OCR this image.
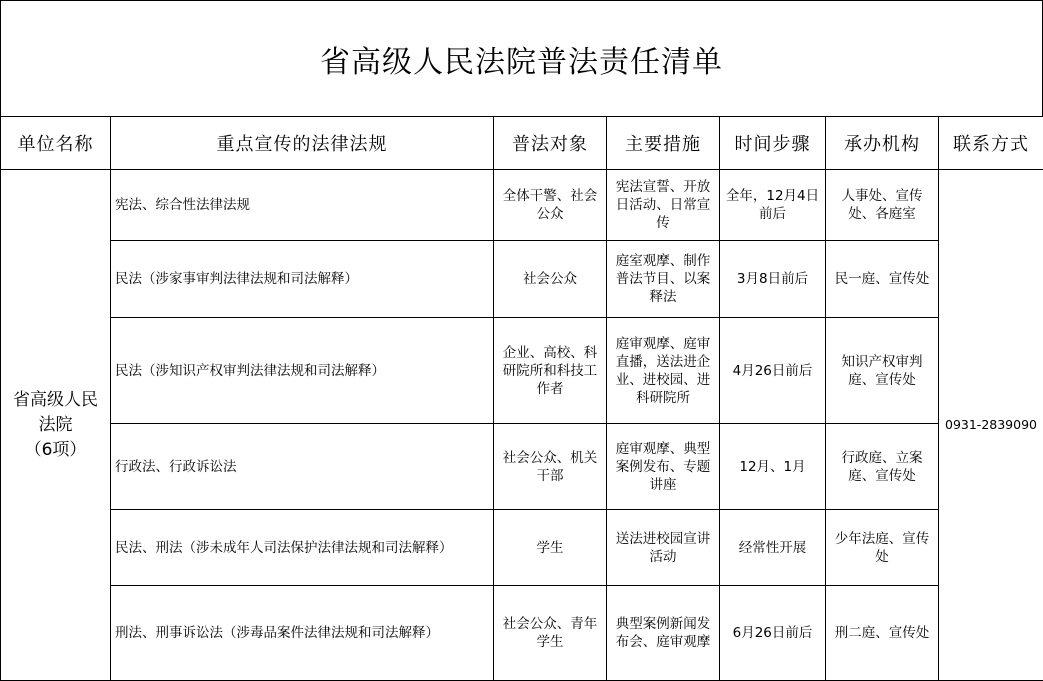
省高级人民法院普法责任清单
单位名称	重点宣传的法律法规	普法对象	主要措施	时间步骤	承办机构	联系方式

省高级人民
法院
（6项）	宪法、综合性法律法规	全体干警、社会公众	宪法宣誓、开放日活动、日常宣传	全年，12月4日前后	人事处、宣传处、各庭室	0931-2839090
	民法（涉家事审判法律法规和司法解释）	社会公众	庭室观摩、制作普法节目、以案释法	3月8日前后	民一庭、宣传处	
	民法（涉知识产权审判法律法规和司法解释）	企业、高校、科研院所和科技工作者	庭审观摩、庭审直播，送法进企业、进校园、进科研院所	4月26日前后	知识产权审判庭、宣传处	
	行政法、行政诉讼法	社会公众、机关干部	庭审观摩、典型案例发布、专题讲座	12月、1月	行政庭、立案庭、宣传处	
	民法、刑法（涉未成年人司法保护法律法规和司法解释）	学生	送法进校园宣讲活动	经常性开展	少年法庭、宣传处	
	刑法、刑事诉讼法（涉毒品案件法律法规和司法解释）	社会公众、青年学生	典型案例新闻发布会、庭审观摩	6月26日前后	刑二庭、宣传处	
